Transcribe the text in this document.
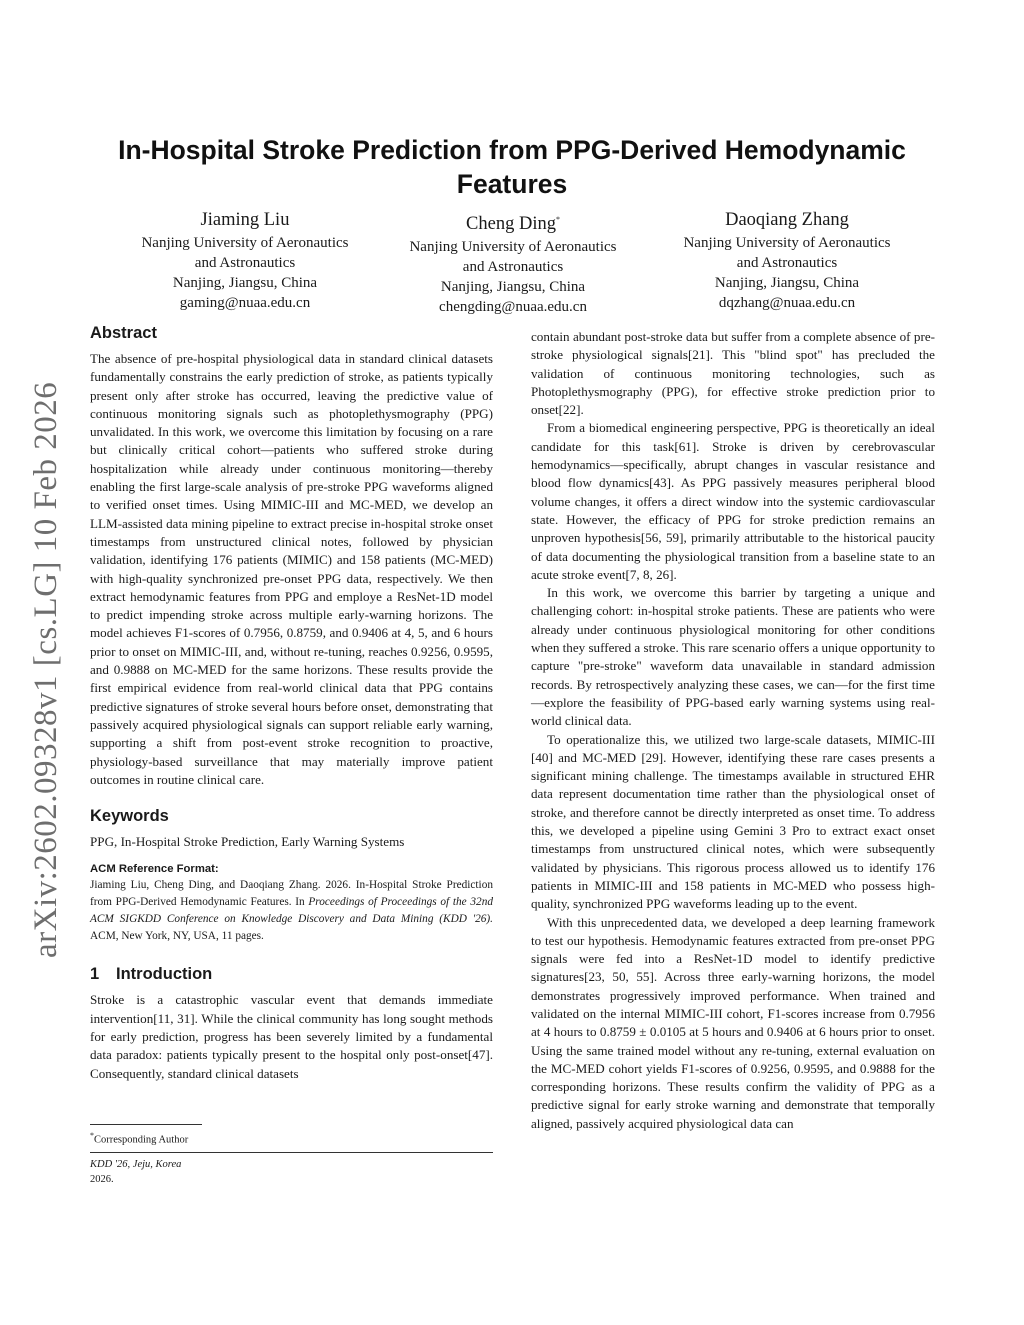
arXiv:2602.09328v1 [cs.LG] 10 Feb 2026
In-Hospital Stroke Prediction from PPG-Derived Hemodynamic Features
Jiaming Liu
Nanjing University of Aeronautics
and Astronautics
Nanjing, Jiangsu, China
gaming@nuaa.edu.cn
Cheng Ding*
Nanjing University of Aeronautics
and Astronautics
Nanjing, Jiangsu, China
chengding@nuaa.edu.cn
Daoqiang Zhang
Nanjing University of Aeronautics
and Astronautics
Nanjing, Jiangsu, China
dqzhang@nuaa.edu.cn
Abstract

The absence of pre-hospital physiological data in standard clinical datasets fundamentally constrains the early prediction of stroke, as patients typically present only after stroke has occurred, leaving the predictive value of continuous monitoring signals such as photoplethysmography (PPG) unvalidated. In this work, we overcome this limitation by focusing on a rare but clinically critical cohort—patients who suffered stroke during hospitalization while already under continuous monitoring—thereby enabling the first large-scale analysis of pre-stroke PPG waveforms aligned to verified onset times. Using MIMIC-III and MC-MED, we develop an LLM-assisted data mining pipeline to extract precise in-hospital stroke onset timestamps from unstructured clinical notes, followed by physician validation, identifying 176 patients (MIMIC) and 158 patients (MC-MED) with high-quality synchronized pre-onset PPG data, respectively. We then extract hemodynamic features from PPG and employe a ResNet-1D model to predict impending stroke across multiple early-warning horizons. The model achieves F1-scores of 0.7956, 0.8759, and 0.9406 at 4, 5, and 6 hours prior to onset on MIMIC-III, and, without re-tuning, reaches 0.9256, 0.9595, and 0.9888 on MC-MED for the same horizons. These results provide the first empirical evidence from real-world clinical data that PPG contains predictive signatures of stroke several hours before onset, demonstrating that passively acquired physiological signals can support reliable early warning, supporting a shift from post-event stroke recognition to proactive, physiology-based surveillance that may materially improve patient outcomes in routine clinical care.

Keywords

PPG, In-Hospital Stroke Prediction, Early Warning Systems

ACM Reference Format:

Jiaming Liu, Cheng Ding, and Daoqiang Zhang. 2026. In-Hospital Stroke Prediction from PPG-Derived Hemodynamic Features. In Proceedings of Proceedings of the 32nd ACM SIGKDD Conference on Knowledge Discovery and Data Mining (KDD '26). ACM, New York, NY, USA, 11 pages.

1 Introduction

Stroke is a catastrophic vascular event that demands immediate intervention[11, 31]. While the clinical community has long sought methods for early prediction, progress has been severely limited by a fundamental data paradox: patients typically present to the hospital only post-onset[47]. Consequently, standard clinical datasets

*Corresponding Author
KDD '26, Jeju, Korea
2026.

contain abundant post-stroke data but suffer from a complete absence of pre-stroke physiological signals[21]. This "blind spot" has precluded the validation of continuous monitoring technologies, such as Photoplethysmography (PPG), for effective stroke prediction prior to onset[22].

From a biomedical engineering perspective, PPG is theoretically an ideal candidate for this task[61]. Stroke is driven by cerebrovascular hemodynamics—specifically, abrupt changes in vascular resistance and blood flow dynamics[43]. As PPG passively measures peripheral blood volume changes, it offers a direct window into the systemic cardiovascular state. However, the efficacy of PPG for stroke prediction remains an unproven hypothesis[56, 59], primarily attributable to the historical paucity of data documenting the physiological transition from a baseline state to an acute stroke event[7, 8, 26].

In this work, we overcome this barrier by targeting a unique and challenging cohort: in-hospital stroke patients. These are patients who were already under continuous physiological monitoring for other conditions when they suffered a stroke. This rare scenario offers a unique opportunity to capture "pre-stroke" waveform data unavailable in standard admission records. By retrospectively analyzing these cases, we can—for the first time—explore the feasibility of PPG-based early warning systems using real-world clinical data.

To operationalize this, we utilized two large-scale datasets, MIMIC-III [40] and MC-MED [29]. However, identifying these rare cases presents a significant mining challenge. The timestamps available in structured EHR data represent documentation time rather than the physiological onset of stroke, and therefore cannot be directly interpreted as onset time. To address this, we developed a pipeline using Gemini 3 Pro to extract exact onset timestamps from unstructured clinical notes, which were subsequently validated by physicians. This rigorous process allowed us to identify 176 patients in MIMIC-III and 158 patients in MC-MED who possess high-quality, synchronized PPG waveforms leading up to the event.

With this unprecedented data, we developed a deep learning framework to test our hypothesis. Hemodynamic features extracted from pre-onset PPG signals were fed into a ResNet-1D model to identify predictive signatures[23, 50, 55]. Across three early-warning horizons, the model demonstrates progressively improved performance. When trained and validated on the internal MIMIC-III cohort, F1-scores increase from 0.7956 at 4 hours to 0.8759 ± 0.0105 at 5 hours and 0.9406 at 6 hours prior to onset. Using the same trained model without any re-tuning, external evaluation on the MC-MED cohort yields F1-scores of 0.9256, 0.9595, and 0.9888 for the corresponding horizons. These results confirm the validity of PPG as a predictive signal for early stroke warning and demonstrate that temporally aligned, passively acquired physiological data can
